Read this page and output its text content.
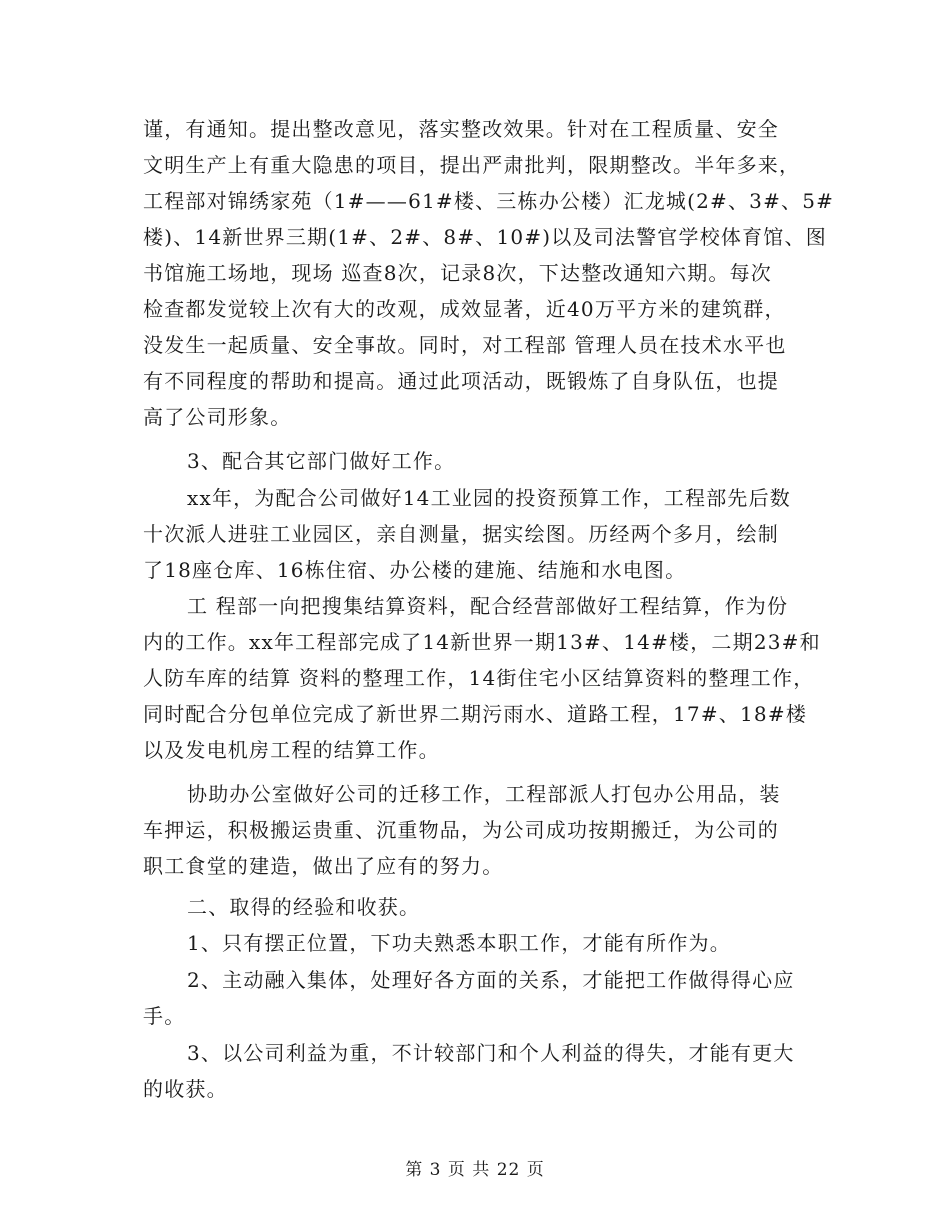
谨，有通知。提出整改意见，落实整改效果。针对在工程质量、安全
文明生产上有重大隐患的项目，提出严肃批判，限期整改。半年多来，
工程部对锦绣家苑（1#——61#楼、三栋办公楼）汇龙城(2#、3#、5#
楼)、14新世界三期(1#、2#、8#、10#)以及司法警官学校体育馆、图
书馆施工场地，现场 巡查8次，记录8次，下达整改通知六期。每次
检查都发觉较上次有大的改观，成效显著，近40万平方米的建筑群，
没发生一起质量、安全事故。同时，对工程部 管理人员在技术水平也
有不同程度的帮助和提高。通过此项活动，既锻炼了自身队伍，也提
高了公司形象。
3、配合其它部门做好工作。
xx年，为配合公司做好14工业园的投资预算工作，工程部先后数
十次派人进驻工业园区，亲自测量，据实绘图。历经两个多月，绘制
了18座仓库、16栋住宿、办公楼的建施、结施和水电图。
工 程部一向把搜集结算资料，配合经营部做好工程结算，作为份
内的工作。xx年工程部完成了14新世界一期13#、14#楼，二期23#和
人防车库的结算 资料的整理工作，14街住宅小区结算资料的整理工作，
同时配合分包单位完成了新世界二期污雨水、道路工程，17#、18#楼
以及发电机房工程的结算工作。
协助办公室做好公司的迁移工作，工程部派人打包办公用品，装
车押运，积极搬运贵重、沉重物品，为公司成功按期搬迁，为公司的
职工食堂的建造，做出了应有的努力。
二、取得的经验和收获。
1、只有摆正位置，下功夫熟悉本职工作，才能有所作为。
2、主动融入集体，处理好各方面的关系，才能把工作做得得心应
手。
3、以公司利益为重，不计较部门和个人利益的得失，才能有更大
的收获。
第 3 页 共 22 页
